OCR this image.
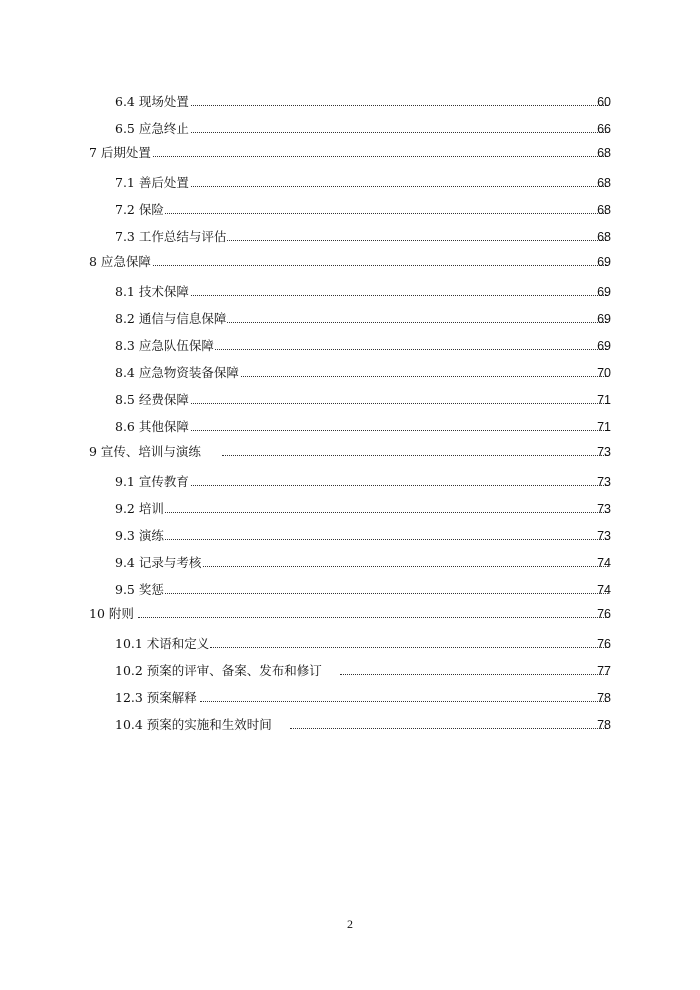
6.4 现场处置	60
6.5 应急终止	66
7 后期处置	68
7.1 善后处置	68
7.2 保险	68
7.3 工作总结与评估	68
8 应急保障	69
8.1 技术保障	69
8.2 通信与信息保障	69
8.3 应急队伍保障	69
8.4 应急物资装备保障	70
8.5 经费保障	71
8.6 其他保障	71
9 宣传、培训与演练	73
9.1 宣传教育	73
9.2 培训	73
9.3 演练	73
9.4 记录与考核	74
9.5 奖惩	74
10 附则	76
10.1 术语和定义	76
10.2 预案的评审、备案、发布和修订	77
12.3 预案解释	78
10.4 预案的实施和生效时间	78
2
